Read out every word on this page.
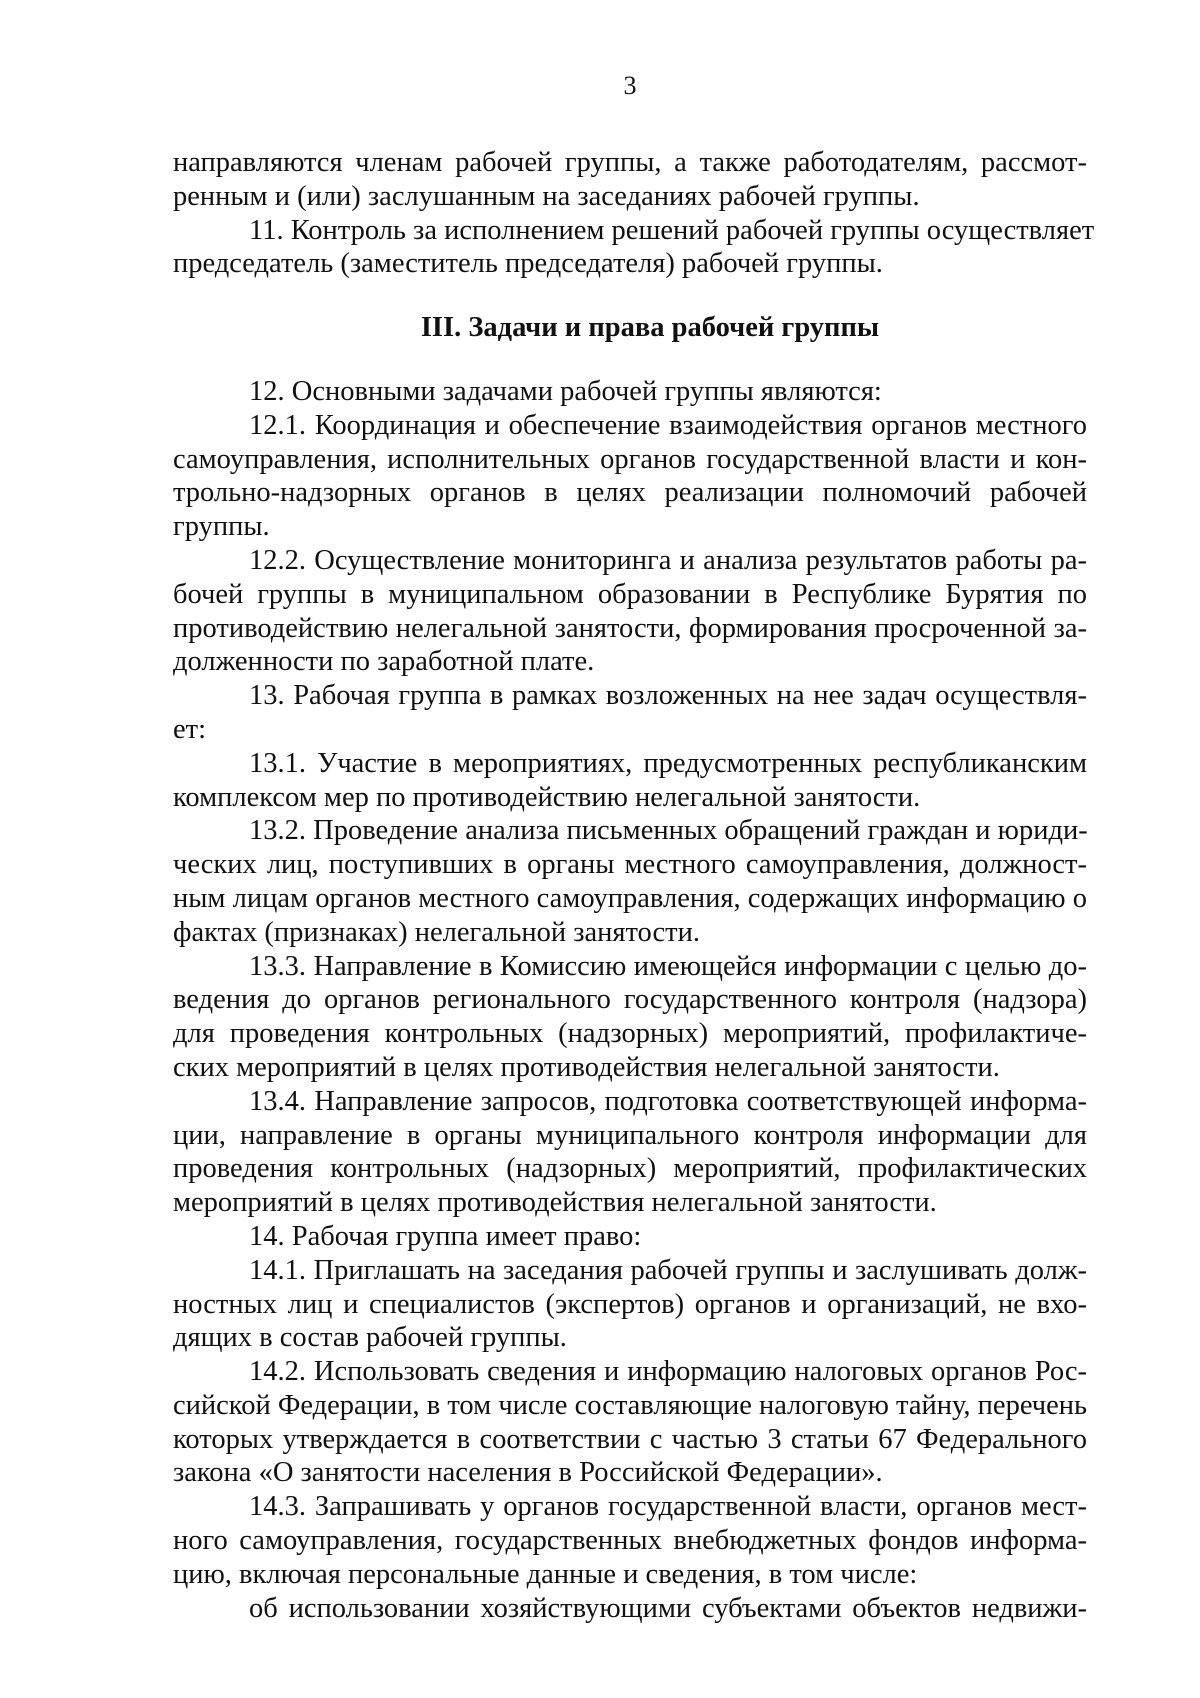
3
направляются членам рабочей группы, а также работодателям, рассмот-
ренным и (или) заслушанным на заседаниях рабочей группы.
11. Контроль за исполнением решений рабочей группы осуществляет
председатель (заместитель председателя) рабочей группы.
III. Задачи и права рабочей группы
12. Основными задачами рабочей группы являются:
12.1. Координация и обеспечение взаимодействия органов местного
самоуправления, исполнительных органов государственной власти и кон-
трольно-надзорных органов в целях реализации полномочий рабочей
группы.
12.2. Осуществление мониторинга и анализа результатов работы ра-
бочей группы в муниципальном образовании в Республике Бурятия по
противодействию нелегальной занятости, формирования просроченной за-
долженности по заработной плате.
13. Рабочая группа в рамках возложенных на нее задач осуществля-
ет:
13.1. Участие в мероприятиях, предусмотренных республиканским
комплексом мер по противодействию нелегальной занятости.
13.2. Проведение анализа письменных обращений граждан и юриди-
ческих лиц, поступивших в органы местного самоуправления, должност-
ным лицам органов местного самоуправления, содержащих информацию о
фактах (признаках) нелегальной занятости.
13.3. Направление в Комиссию имеющейся информации с целью до-
ведения до органов регионального государственного контроля (надзора)
для проведения контрольных (надзорных) мероприятий, профилактиче-
ских мероприятий в целях противодействия нелегальной занятости.
13.4. Направление запросов, подготовка соответствующей информа-
ции, направление в органы муниципального контроля информации для
проведения контрольных (надзорных) мероприятий, профилактических
мероприятий в целях противодействия нелегальной занятости.
14. Рабочая группа имеет право:
14.1. Приглашать на заседания рабочей группы и заслушивать долж-
ностных лиц и специалистов (экспертов) органов и организаций, не вхо-
дящих в состав рабочей группы.
14.2. Использовать сведения и информацию налоговых органов Рос-
сийской Федерации, в том числе составляющие налоговую тайну, перечень
которых утверждается в соответствии с частью 3 статьи 67 Федерального
закона «О занятости населения в Российской Федерации».
14.3. Запрашивать у органов государственной власти, органов мест-
ного самоуправления, государственных внебюджетных фондов информа-
цию, включая персональные данные и сведения, в том числе:
об использовании хозяйствующими субъектами объектов недвижи-
